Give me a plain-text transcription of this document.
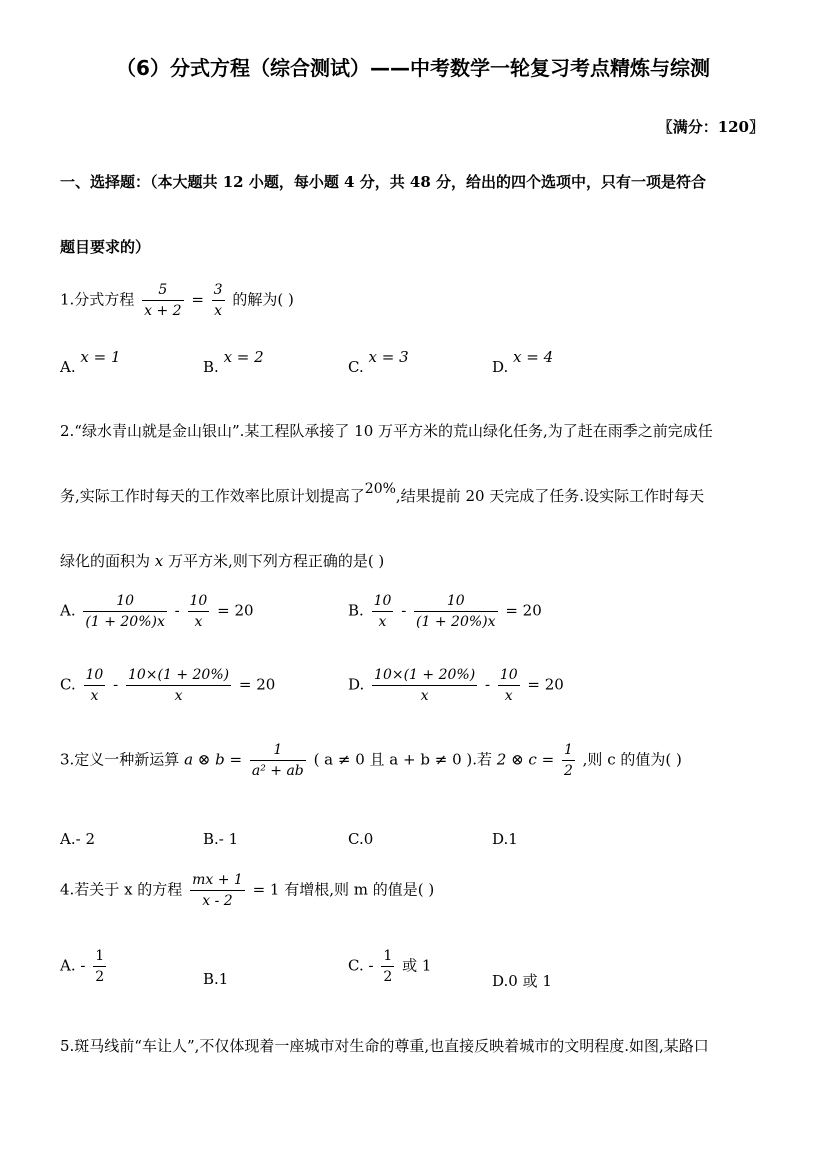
（6）分式方程（综合测试）——中考数学一轮复习考点精炼与综测
〖满分：120〗
一、选择题：（本大题共 12 小题，每小题 4 分，共 48 分，给出的四个选项中，只有一项是符合
题目要求的）
1.分式方程 $\frac{5}{x + 2} = \frac{3}{x}$ 的解为( )
A. x = 1
B. x = 2
C. x = 3
D. x = 4
2.“绿水青山就是金山银山”.某工程队承接了 10 万平方米的荒山绿化任务,为了赶在雨季之前完成任
务,实际工作时每天的工作效率比原计划提高了20%,结果提前 20 天完成了任务.设实际工作时每天
绿化的面积为 x 万平方米,则下列方程正确的是( )
A. $\frac{10}{(1 + 20\%)x} - \frac{10}{x} = 20$	B. $\frac{10}{x} - \frac{10}{(1 + 20\%)x} = 20$
C. $\frac{10}{x} - \frac{10\times(1 + 20\%)}{x} = 20$	D. $\frac{10\times(1 + 20\%)}{x} - \frac{10}{x} = 20$
3.定义一种新运算 a ⊗ $b = \frac{1}{\text{a² + ab}}$ ( a ≠ 0 且 a + b ≠ 0 ).若 2 ⊗ $c = \frac{1}{2}$ ,则 c 的值为( )
A.- 2	B.- 1	C.0	D.1
4.若关于 x 的方程 $\frac{mx + 1}{x - 2} = 1$ 有增根,则 m 的值是( )
A. - $\frac{1}{2}$	B.1
C. - $\frac{1}{2}$ 或 1
D.0 或 1
5.斑马线前“车让人”,不仅体现着一座城市对生命的尊重,也直接反映着城市的文明程度.如图,某路口
